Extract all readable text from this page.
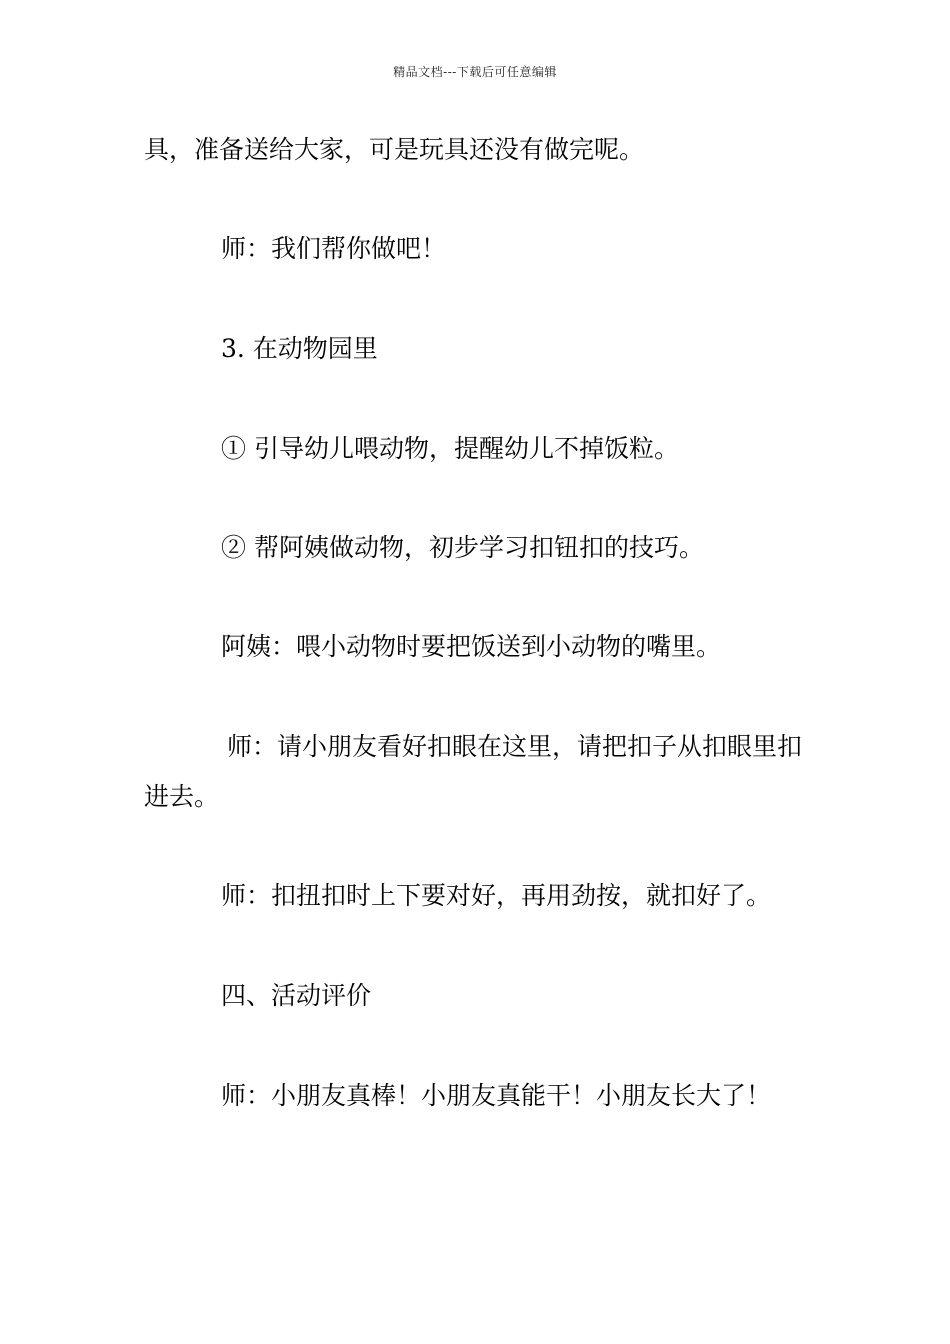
精品文档---下载后可任意编辑

具，准备送给大家，可是玩具还没有做完呢。

师：我们帮你做吧！

3. 在动物园里

① 引导幼儿喂动物，提醒幼儿不掉饭粒。

② 帮阿姨做动物，初步学习扣钮扣的技巧。

阿姨：喂小动物时要把饭送到小动物的嘴里。

师：请小朋友看好扣眼在这里，请把扣子从扣眼里扣进去。

师：扣扭扣时上下要对好，再用劲按，就扣好了。

四、活动评价

师：小朋友真棒！小朋友真能干！小朋友长大了！
